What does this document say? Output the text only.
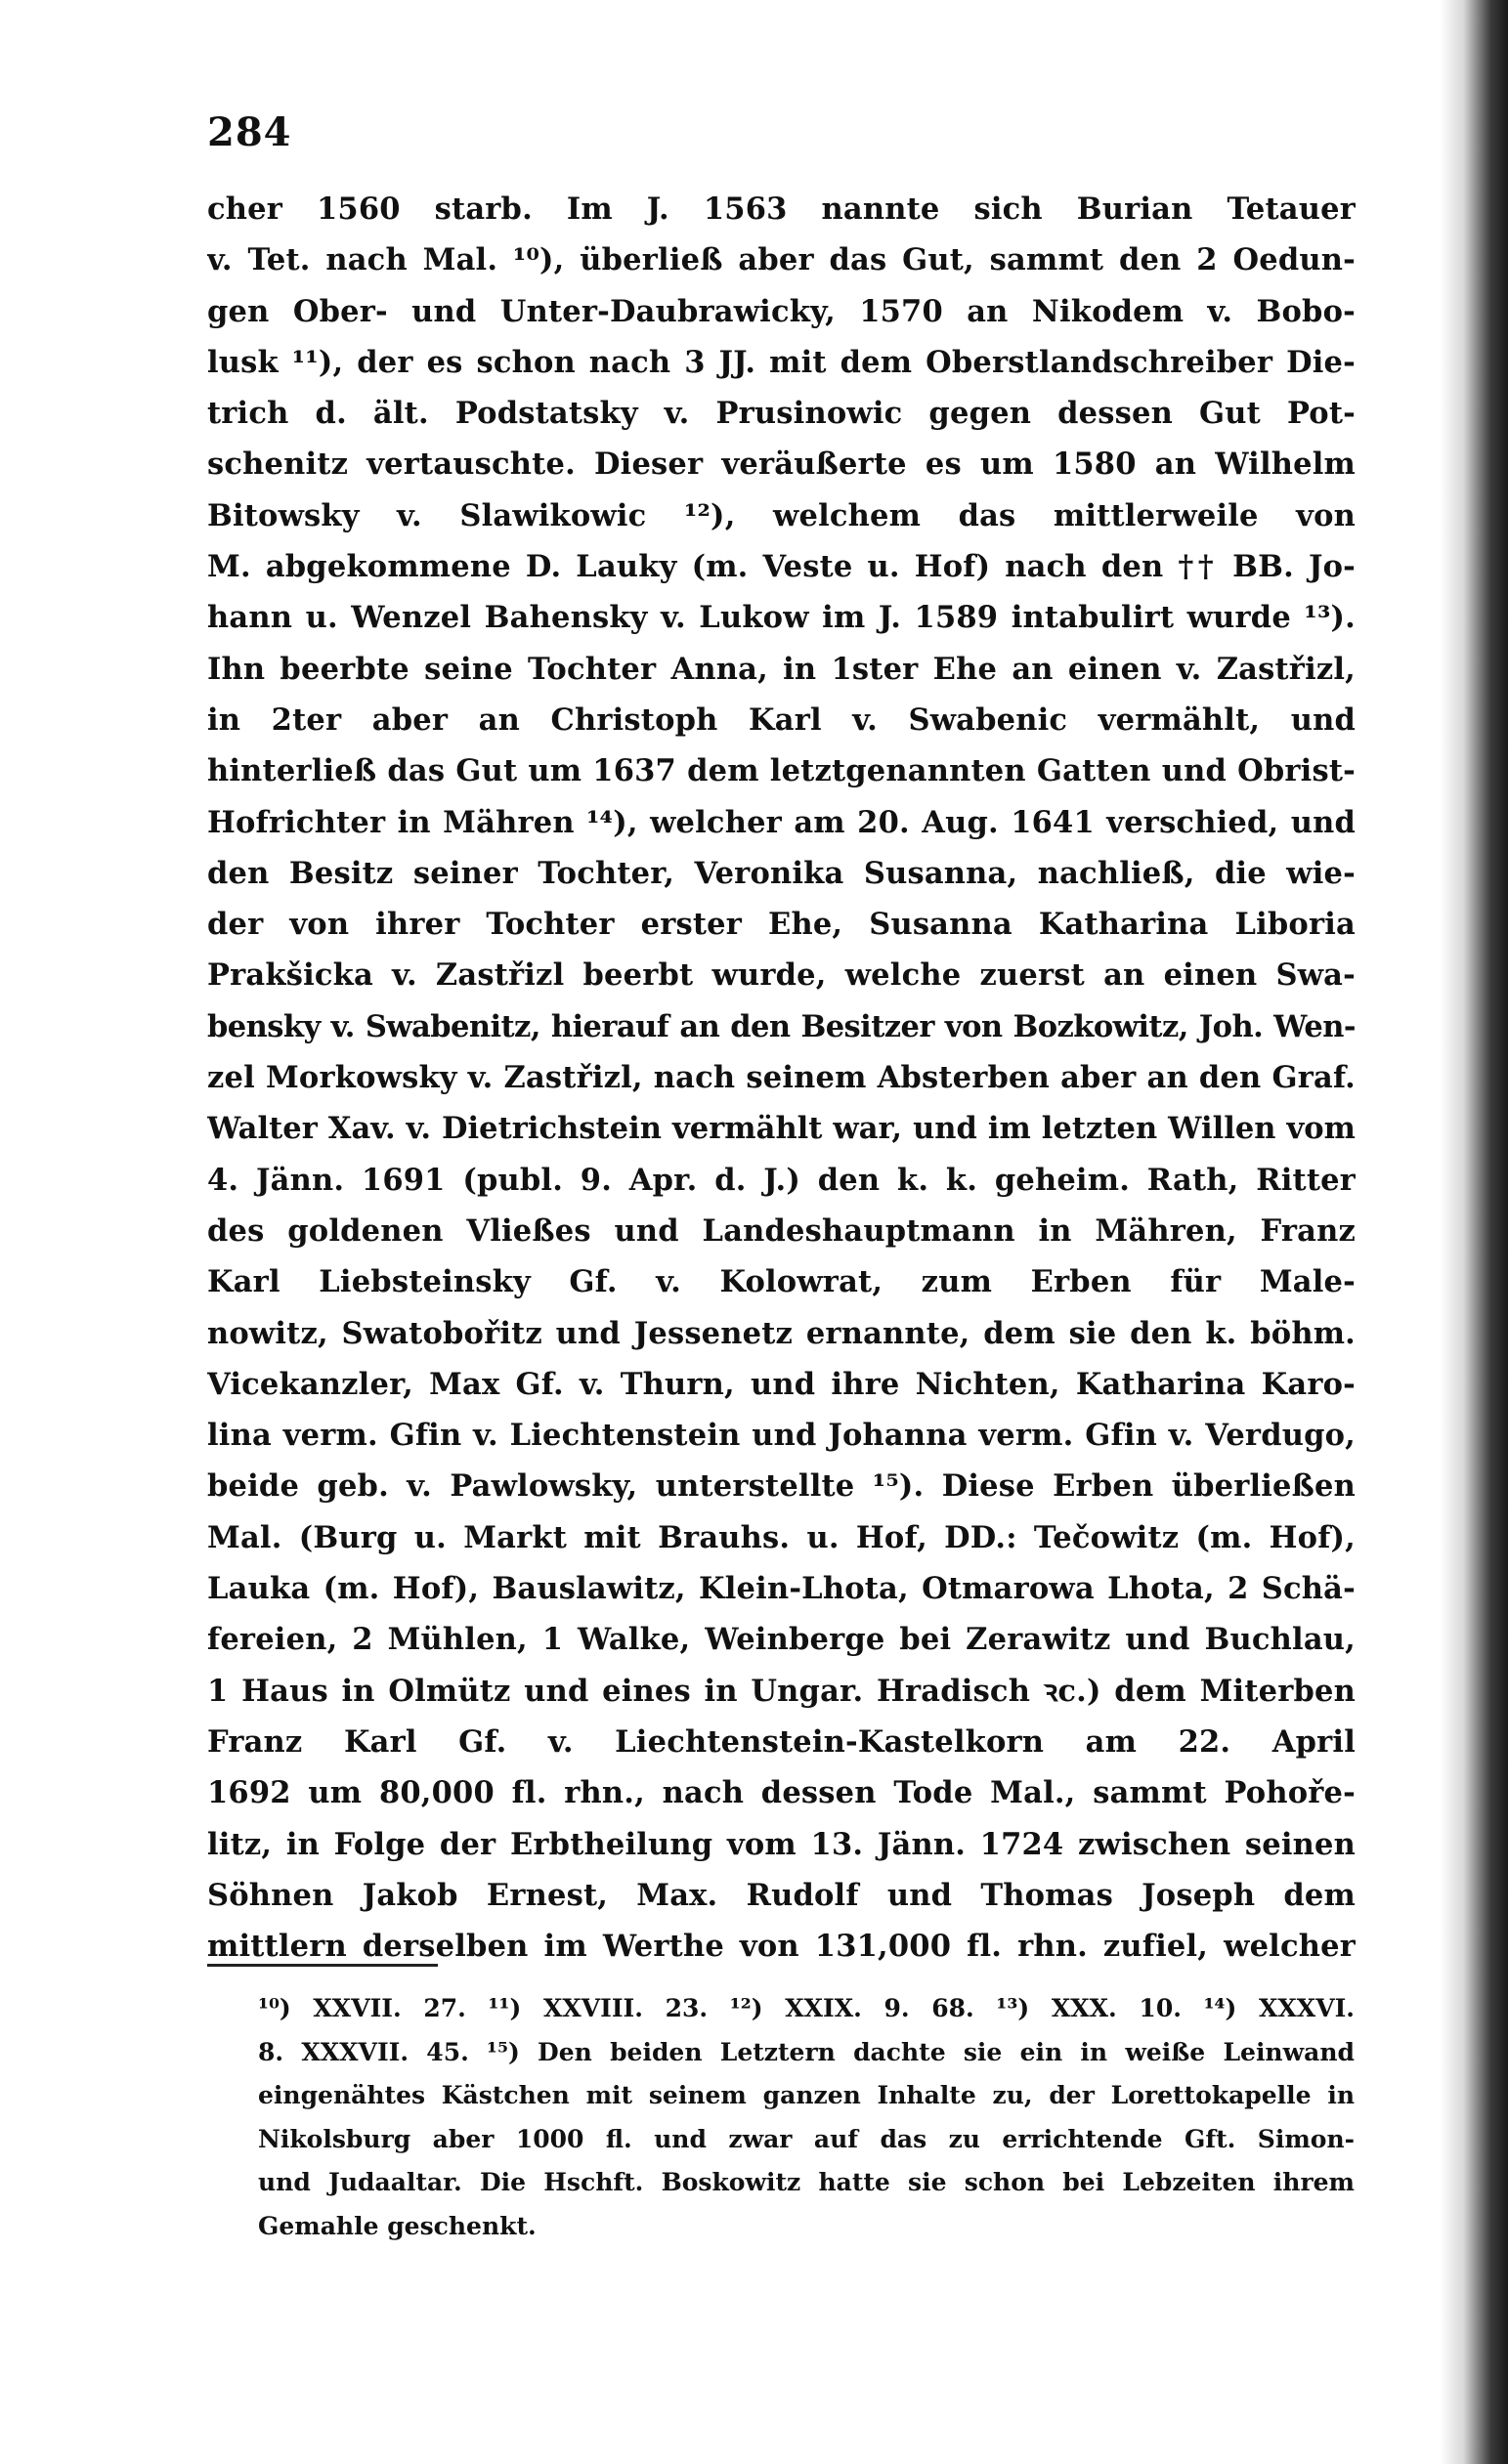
284
cher 1560 starb. Im J. 1563 nannte sich Burian Tetauer
v. Tet. nach Mal. ¹⁰), überließ aber das Gut, sammt den 2 Oedun-
gen Ober- und Unter-Daubrawicky, 1570 an Nikodem v. Bobo-
lusk ¹¹), der es schon nach 3 JJ. mit dem Oberstlandschreiber Die-
trich d. ält. Podstatsky v. Prusinowic gegen dessen Gut Pot-
schenitz vertauschte. Dieser veräußerte es um 1580 an Wilhelm
Bitowsky v. Slawikowic ¹²), welchem das mittlerweile von
M. abgekommene D. Lauky (m. Veste u. Hof) nach den †† BB. Jo-
hann u. Wenzel Bahensky v. Lukow im J. 1589 intabulirt wurde ¹³).
Ihn beerbte seine Tochter Anna, in 1ster Ehe an einen v. Zastřizl,
in 2ter aber an Christoph Karl v. Swabenic vermählt, und
hinterließ das Gut um 1637 dem letztgenannten Gatten und Obrist-
Hofrichter in Mähren ¹⁴), welcher am 20. Aug. 1641 verschied, und
den Besitz seiner Tochter, Veronika Susanna, nachließ, die wie-
der von ihrer Tochter erster Ehe, Susanna Katharina Liboria
Prakšicka v. Zastřizl beerbt wurde, welche zuerst an einen Swa-
bensky v. Swabenitz, hierauf an den Besitzer von Bozkowitz, Joh. Wen-
zel Morkowsky v. Zastřizl, nach seinem Absterben aber an den Graf.
Walter Xav. v. Dietrichstein vermählt war, und im letzten Willen vom
4. Jänn. 1691 (publ. 9. Apr. d. J.) den k. k. geheim. Rath, Ritter
des goldenen Vließes und Landeshauptmann in Mähren, Franz
Karl Liebsteinsky Gf. v. Kolowrat, zum Erben für Male-
nowitz, Swatobořitz und Jessenetz ernannte, dem sie den k. böhm.
Vicekanzler, Max Gf. v. Thurn, und ihre Nichten, Katharina Karo-
lina verm. Gfin v. Liechtenstein und Johanna verm. Gfin v. Verdugo,
beide geb. v. Pawlowsky, unterstellte ¹⁵). Diese Erben überließen
Mal. (Burg u. Markt mit Brauhs. u. Hof, DD.: Tečowitz (m. Hof),
Lauka (m. Hof), Bauslawitz, Klein-Lhota, Otmarowa Lhota, 2 Schä-
fereien, 2 Mühlen, 1 Walke, Weinberge bei Zerawitz und Buchlau,
1 Haus in Olmütz und eines in Ungar. Hradisch ꝛc.) dem Miterben
Franz Karl Gf. v. Liechtenstein-Kastelkorn am 22. April
1692 um 80,000 fl. rhn., nach dessen Tode Mal., sammt Pohoře-
litz, in Folge der Erbtheilung vom 13. Jänn. 1724 zwischen seinen
Söhnen Jakob Ernest, Max. Rudolf und Thomas Joseph dem
mittlern derselben im Werthe von 131,000 fl. rhn. zufiel, welcher
¹⁰) XXVII. 27. ¹¹) XXVIII. 23. ¹²) XXIX. 9. 68. ¹³) XXX. 10. ¹⁴) XXXVI.
8. XXXVII. 45. ¹⁵) Den beiden Letztern dachte sie ein in weiße Leinwand
eingenähtes Kästchen mit seinem ganzen Inhalte zu, der Lorettokapelle in
Nikolsburg aber 1000 fl. und zwar auf das zu errichtende Gft. Simon-
und Judaaltar. Die Hschft. Boskowitz hatte sie schon bei Lebzeiten ihrem
Gemahle geschenkt.
